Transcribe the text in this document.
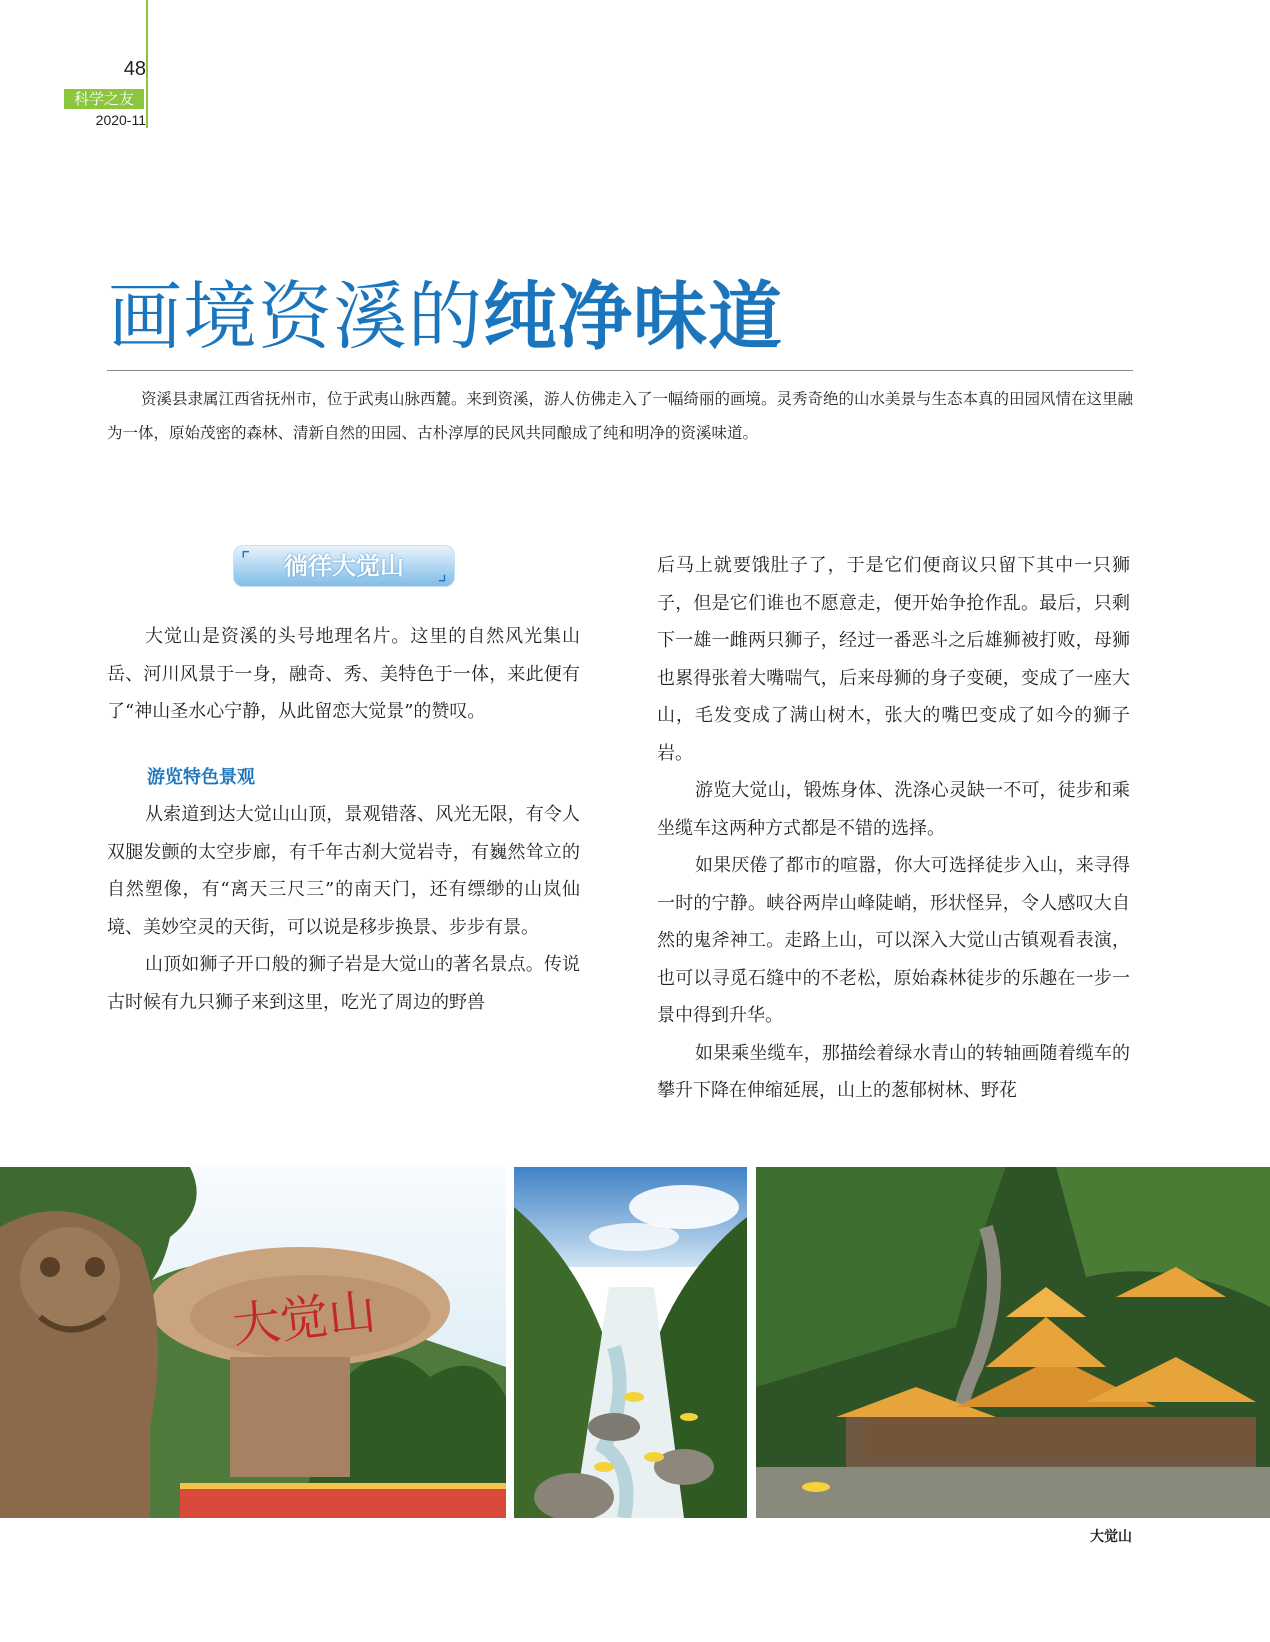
48
科学之友
2020-11
画境资溪的纯净味道
资溪县隶属江西省抚州市，位于武夷山脉西麓。来到资溪，游人仿佛走入了一幅绮丽的画境。灵秀奇绝的山水美景与生态本真的田园风情在这里融为一体，原始茂密的森林、清新自然的田园、古朴淳厚的民风共同酿成了纯和明净的资溪味道。
⌜	徜徉大觉山	⌟

大觉山是资溪的头号地理名片。这里的自然风光集山岳、河川风景于一身，融奇、秀、美特色于一体，来此便有了“神山圣水心宁静，从此留恋大觉景”的赞叹。

游览特色景观

从索道到达大觉山山顶，景观错落、风光无限，有令人双腿发颤的太空步廊，有千年古刹大觉岩寺，有巍然耸立的自然塑像，有“离天三尺三”的南天门，还有缥缈的山岚仙境、美妙空灵的天街，可以说是移步换景、步步有景。

山顶如狮子开口般的狮子岩是大觉山的著名景点。传说古时候有九只狮子来到这里，吃光了周边的野兽

后马上就要饿肚子了，于是它们便商议只留下其中一只狮子，但是它们谁也不愿意走，便开始争抢作乱。最后，只剩下一雄一雌两只狮子，经过一番恶斗之后雄狮被打败，母狮也累得张着大嘴喘气，后来母狮的身子变硬，变成了一座大山，毛发变成了满山树木，张大的嘴巴变成了如今的狮子岩。

游览大觉山，锻炼身体、洗涤心灵缺一不可，徒步和乘坐缆车这两种方式都是不错的选择。

如果厌倦了都市的喧嚣，你大可选择徒步入山，来寻得一时的宁静。峡谷两岸山峰陡峭，形状怪异，令人感叹大自然的鬼斧神工。走路上山，可以深入大觉山古镇观看表演，也可以寻觅石缝中的不老松，原始森林徒步的乐趣在一步一景中得到升华。

如果乘坐缆车，那描绘着绿水青山的转轴画随着缆车的攀升下降在伸缩延展，山上的葱郁树林、野花

大觉山
大觉山
